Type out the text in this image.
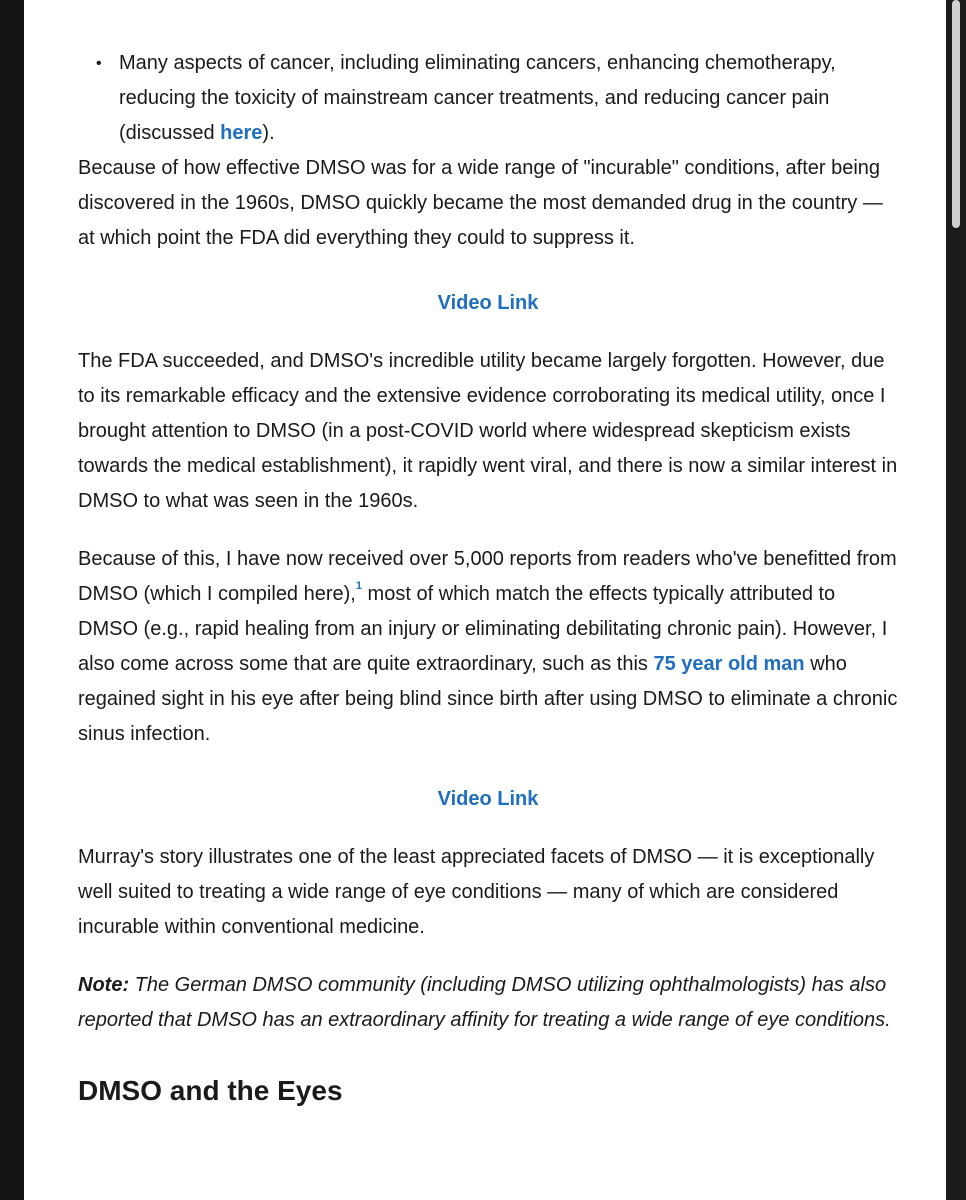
• Many aspects of cancer, including eliminating cancers, enhancing chemotherapy, reducing the toxicity of mainstream cancer treatments, and reducing cancer pain (discussed here).

Because of how effective DMSO was for a wide range of "incurable" conditions, after being discovered in the 1960s, DMSO quickly became the most demanded drug in the country — at which point the FDA did everything they could to suppress it.

Video Link

The FDA succeeded, and DMSO's incredible utility became largely forgotten. However, due to its remarkable efficacy and the extensive evidence corroborating its medical utility, once I brought attention to DMSO (in a post-COVID world where widespread skepticism exists towards the medical establishment), it rapidly went viral, and there is now a similar interest in DMSO to what was seen in the 1960s.

Because of this, I have now received over 5,000 reports from readers who've benefitted from DMSO (which I compiled here),$^1$ most of which match the effects typically attributed to DMSO (e.g., rapid healing from an injury or eliminating debilitating chronic pain). However, I also come across some that are quite extraordinary, such as this 75 year old man who regained sight in his eye after being blind since birth after using DMSO to eliminate a chronic sinus infection.

Video Link

Murray's story illustrates one of the least appreciated facets of DMSO — it is exceptionally well suited to treating a wide range of eye conditions — many of which are considered incurable within conventional medicine.

Note: The German DMSO community (including DMSO utilizing ophthalmologists) has also reported that DMSO has an extraordinary affinity for treating a wide range of eye conditions.

DMSO and the Eyes
